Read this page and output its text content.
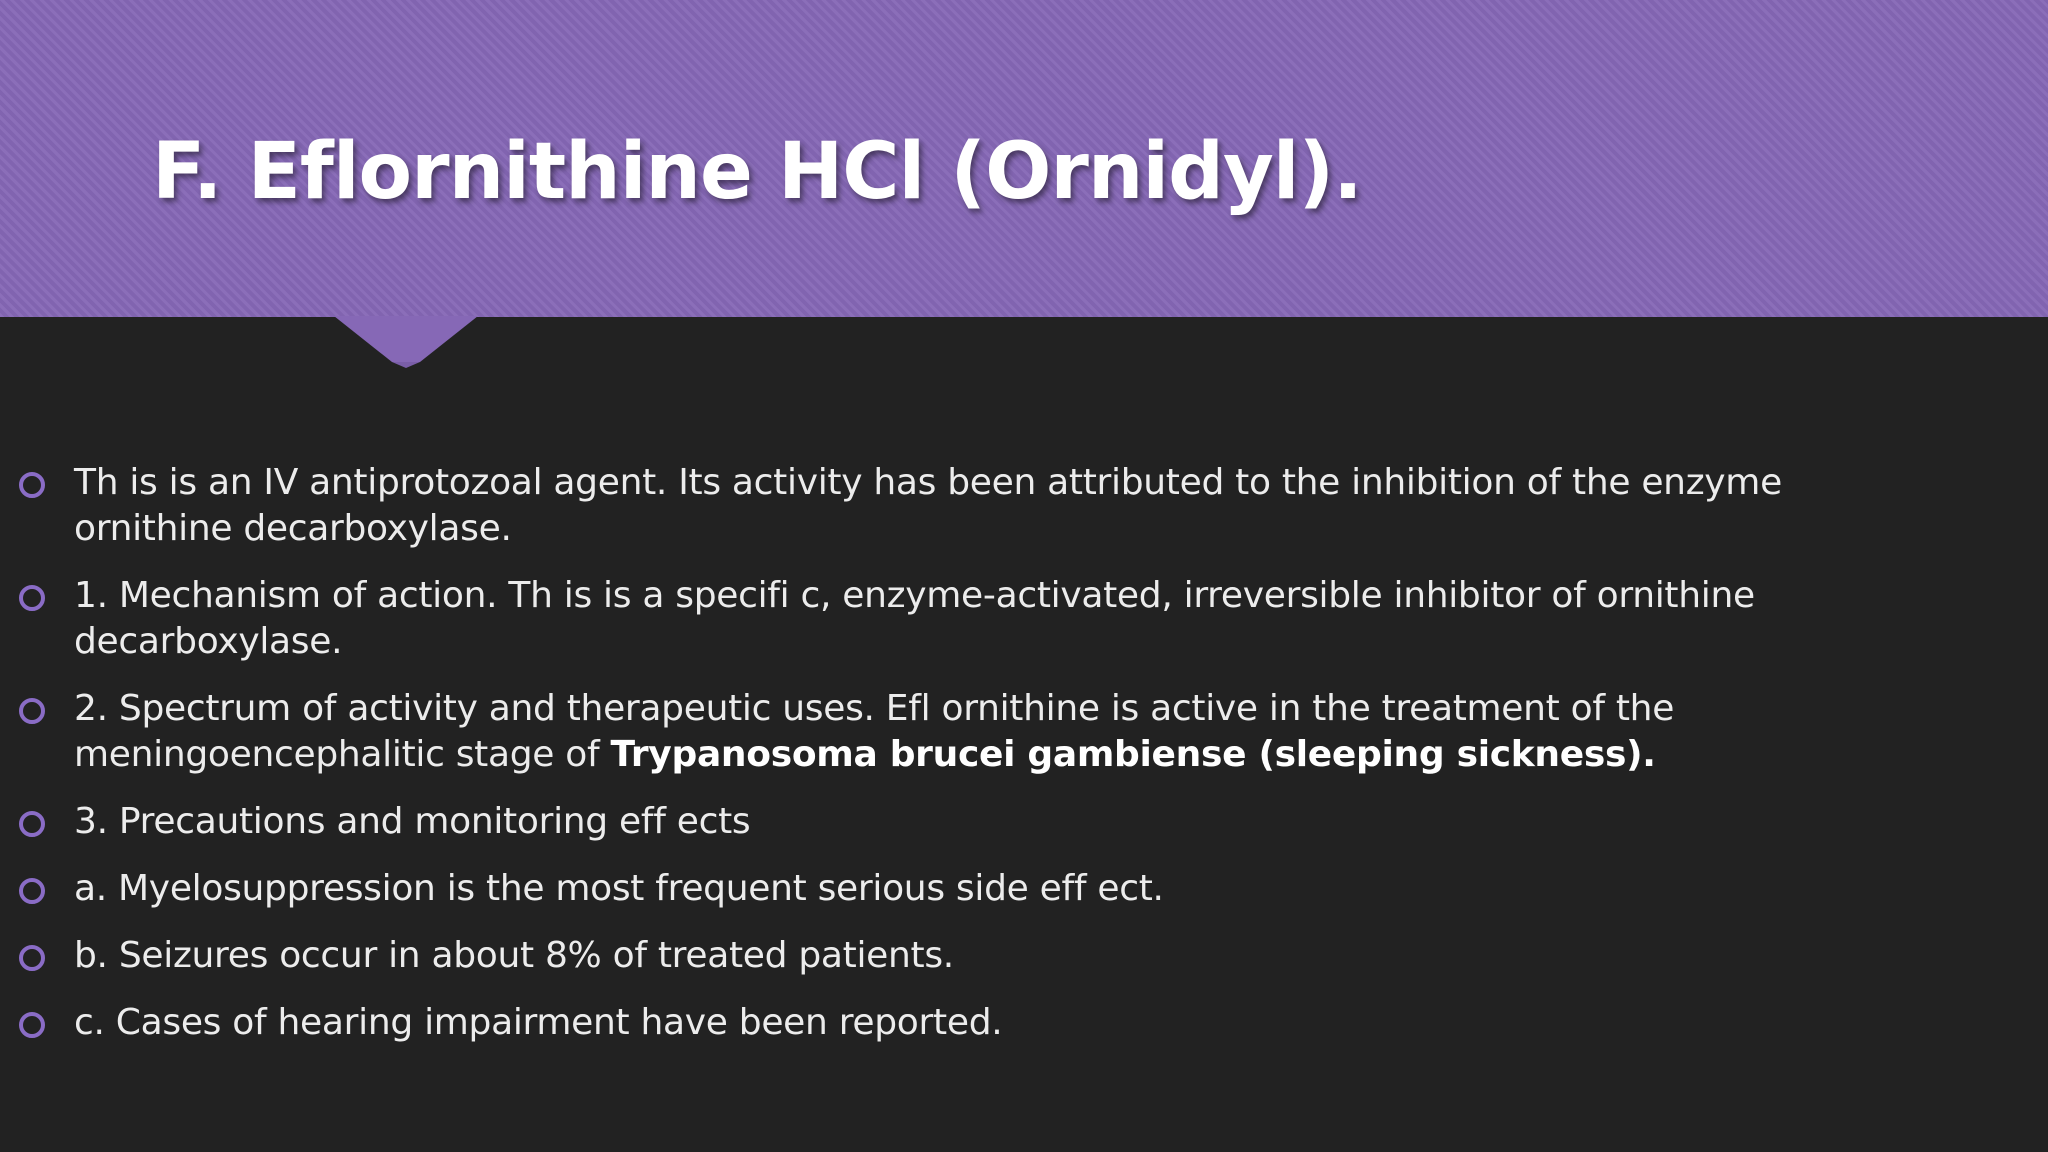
F. Eflornithine HCl (Ornidyl).
Th is is an IV antiprotozoal agent. Its activity has been attributed to the inhibition of the enzyme ornithine decarboxylase.
1. Mechanism of action. Th is is a specifi c, enzyme-activated, irreversible inhibitor of ornithine decarboxylase.
2. Spectrum of activity and therapeutic uses. Efl ornithine is active in the treatment of the meningoencephalitic stage of Trypanosoma brucei gambiense (sleeping sickness).
3. Precautions and monitoring eff ects
a. Myelosuppression is the most frequent serious side eff ect.
b. Seizures occur in about 8% of treated patients.
c. Cases of hearing impairment have been reported.
